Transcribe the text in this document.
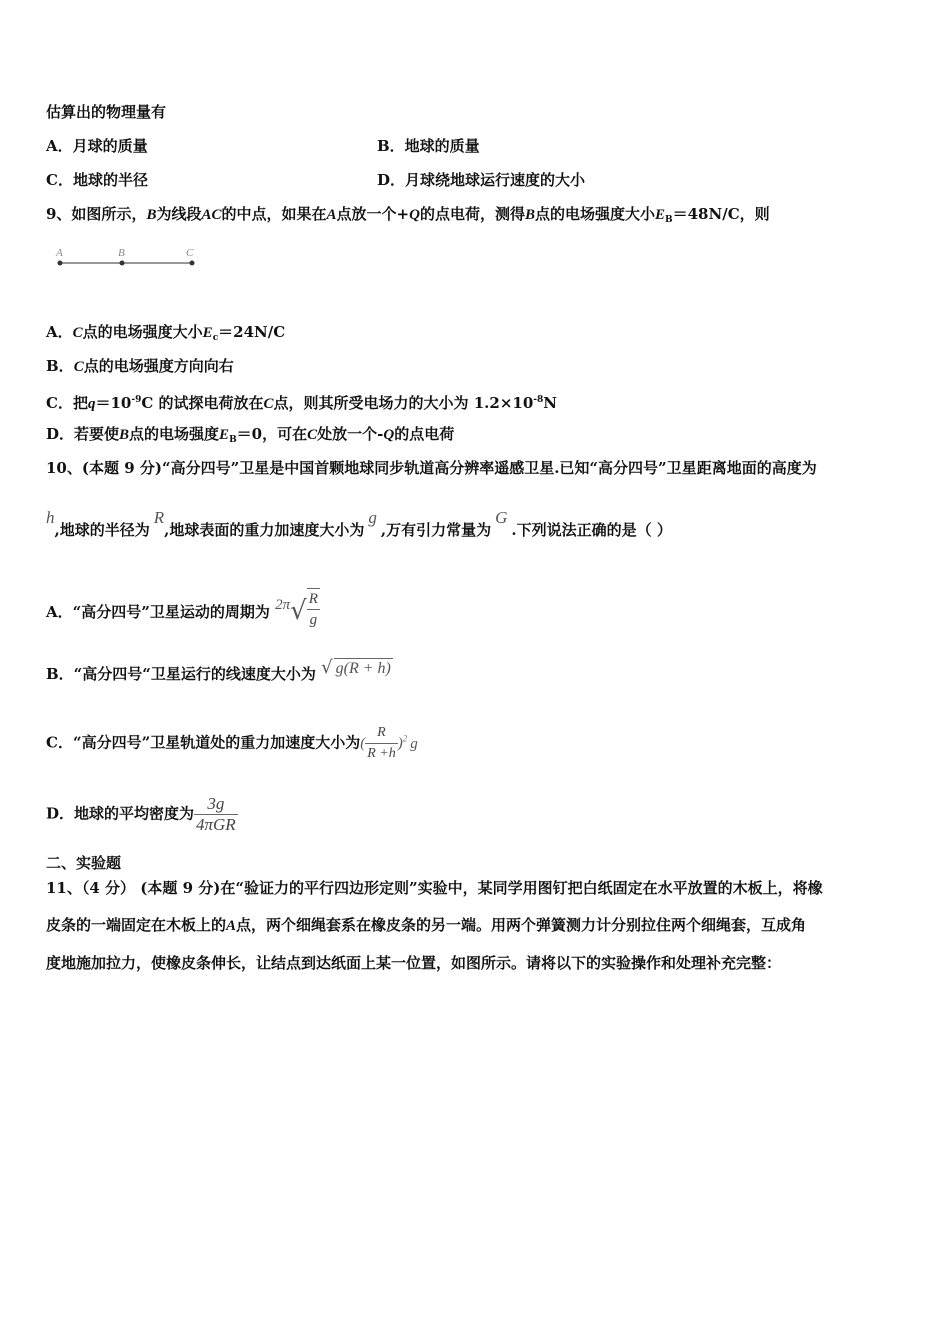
估算出的物理量有
A．月球的质量	B．地球的质量
C．地球的半径	D．月球绕地球运行速度的大小
9、如图所示，B为线段AC的中点，如果在A点放一个+Q的点电荷，测得B点的电场强度大小$E_B=48N/C$，则
A	B	C
A．C点的电场强度大小$E_c=24N/C$
B．C点的电场强度方向向右
C．把$q=10^{-9}C$ 的试探电荷放在C点，则其所受电场力的大小为 $1.2\times 10^{-8}N$
D．若要使B点的电场强度$E_B=0$，可在C处放一个-Q的点电荷
10、(本题 9 分)“高分四号”卫星是中国首颗地球同步轨道高分辨率遥感卫星.已知“高分四号”卫星距离地面的高度为
h,地球的半径为R,地球表面的重力加速度大小为g,万有引力常量为G.下列说法正确的是（ ）
A．“高分四号”卫星运动的周期为 $2\pi√ \frac{R}{g}$
B．“高分四号“卫星运行的线速度大小为 √ g(R + h)
C．“高分四号”卫星轨道处的重力加速度大小为( $\frac{R}{R +h} )^2$ g
D．地球的平均密度为 $\frac{3g}{\text{4πGR}}$
二、实验题
11、（4 分） (本题 9 分)在“验证力的平行四边形定则”实验中，某同学用图钉把白纸固定在水平放置的木板上，将橡
皮条的一端固定在木板上的A点，两个细绳套系在橡皮条的另一端。用两个弹簧测力计分别拉住两个细绳套，互成角
度地施加拉力，使橡皮条伸长，让结点到达纸面上某一位置，如图所示。请将以下的实验操作和处理补充完整：
